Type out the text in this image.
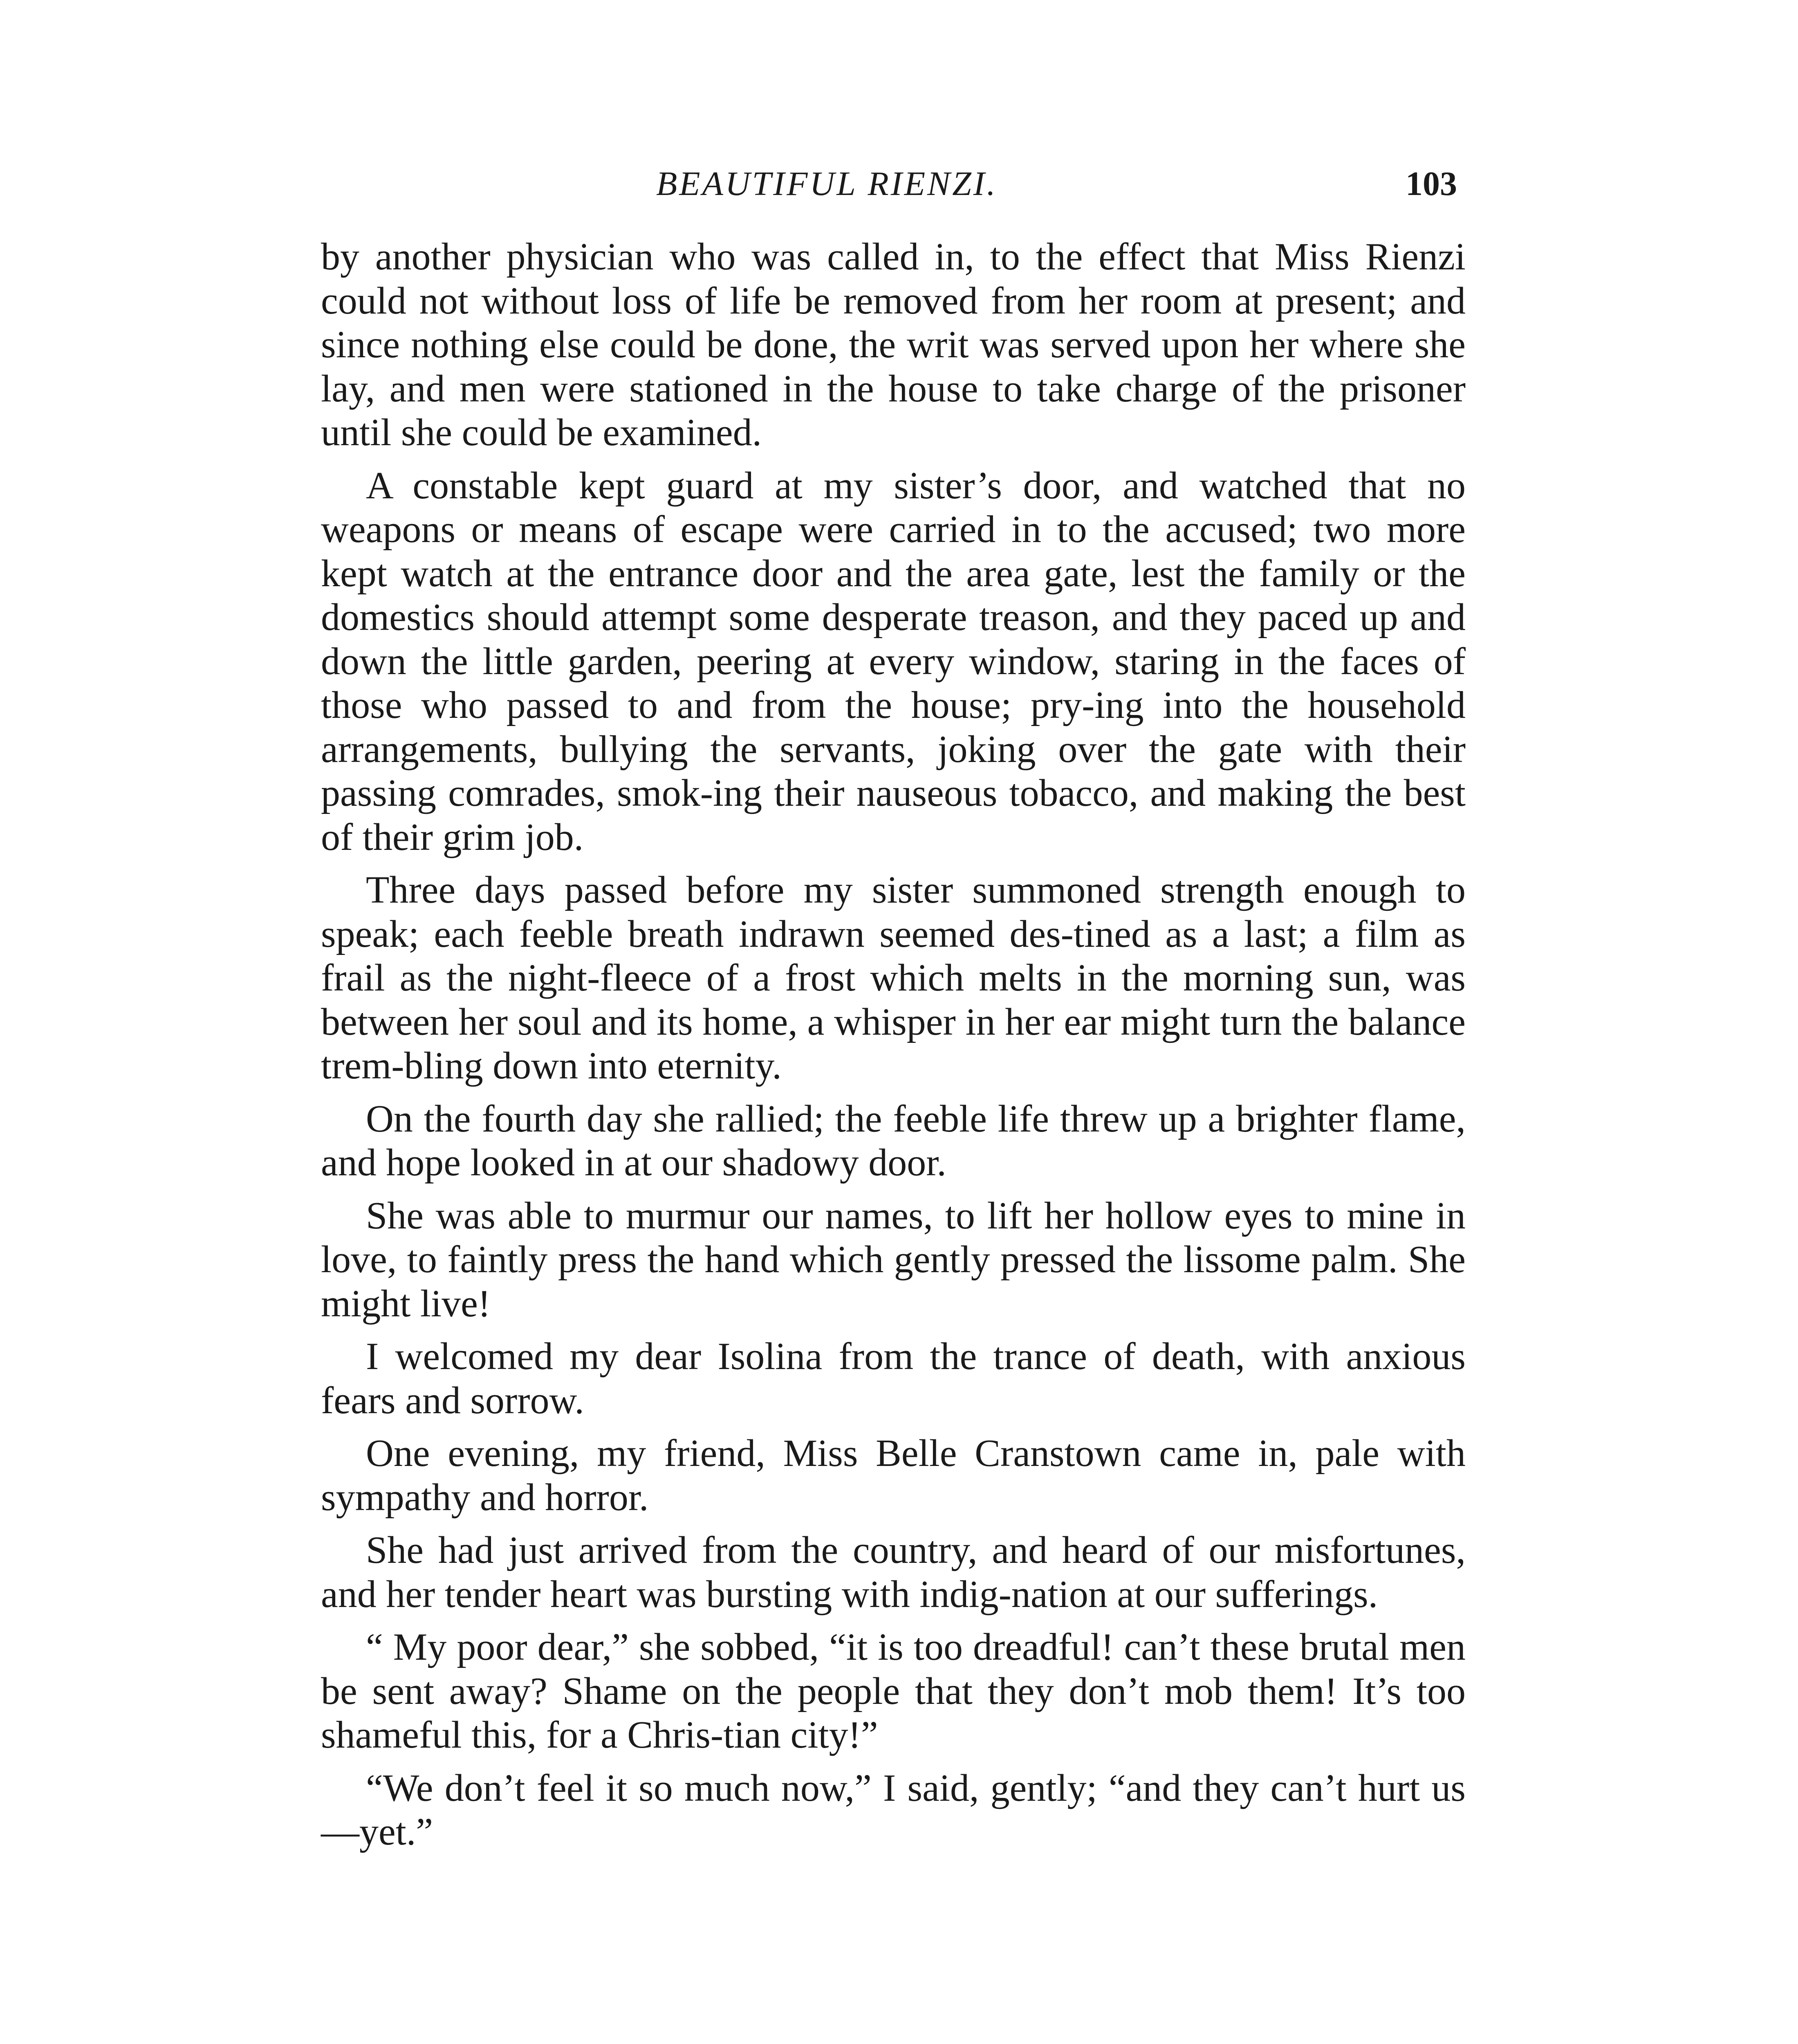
BEAUTIFUL RIENZI.	103

by another physician who was called in, to the effect that Miss Rienzi could not without loss of life be removed from her room at present; and since nothing else could be done, the writ was served upon her where she lay, and men were stationed in the house to take charge of the prisoner until she could be examined.

A constable kept guard at my sister’s door, and watched that no weapons or means of escape were carried in to the accused; two more kept watch at the entrance door and the area gate, lest the family or the domestics should attempt some desperate treason, and they paced up and down the little garden, peering at every window, staring in the faces of those who passed to and from the house; pry-ing into the household arrangements, bullying the servants, joking over the gate with their passing comrades, smok-ing their nauseous tobacco, and making the best of their grim job.

Three days passed before my sister summoned strength enough to speak; each feeble breath indrawn seemed des-tined as a last; a film as frail as the night-fleece of a frost which melts in the morning sun, was between her soul and its home, a whisper in her ear might turn the balance trem-bling down into eternity.

On the fourth day she rallied; the feeble life threw up a brighter flame, and hope looked in at our shadowy door.

She was able to murmur our names, to lift her hollow eyes to mine in love, to faintly press the hand which gently pressed the lissome palm. She might live!

I welcomed my dear Isolina from the trance of death, with anxious fears and sorrow.

One evening, my friend, Miss Belle Cranstown came in, pale with sympathy and horror.

She had just arrived from the country, and heard of our misfortunes, and her tender heart was bursting with indig-nation at our sufferings.

“ My poor dear,” she sobbed, “it is too dreadful! can’t these brutal men be sent away? Shame on the people that they don’t mob them! It’s too shameful this, for a Chris-tian city!”

“We don’t feel it so much now,” I said, gently; “and they can’t hurt us—yet.”
